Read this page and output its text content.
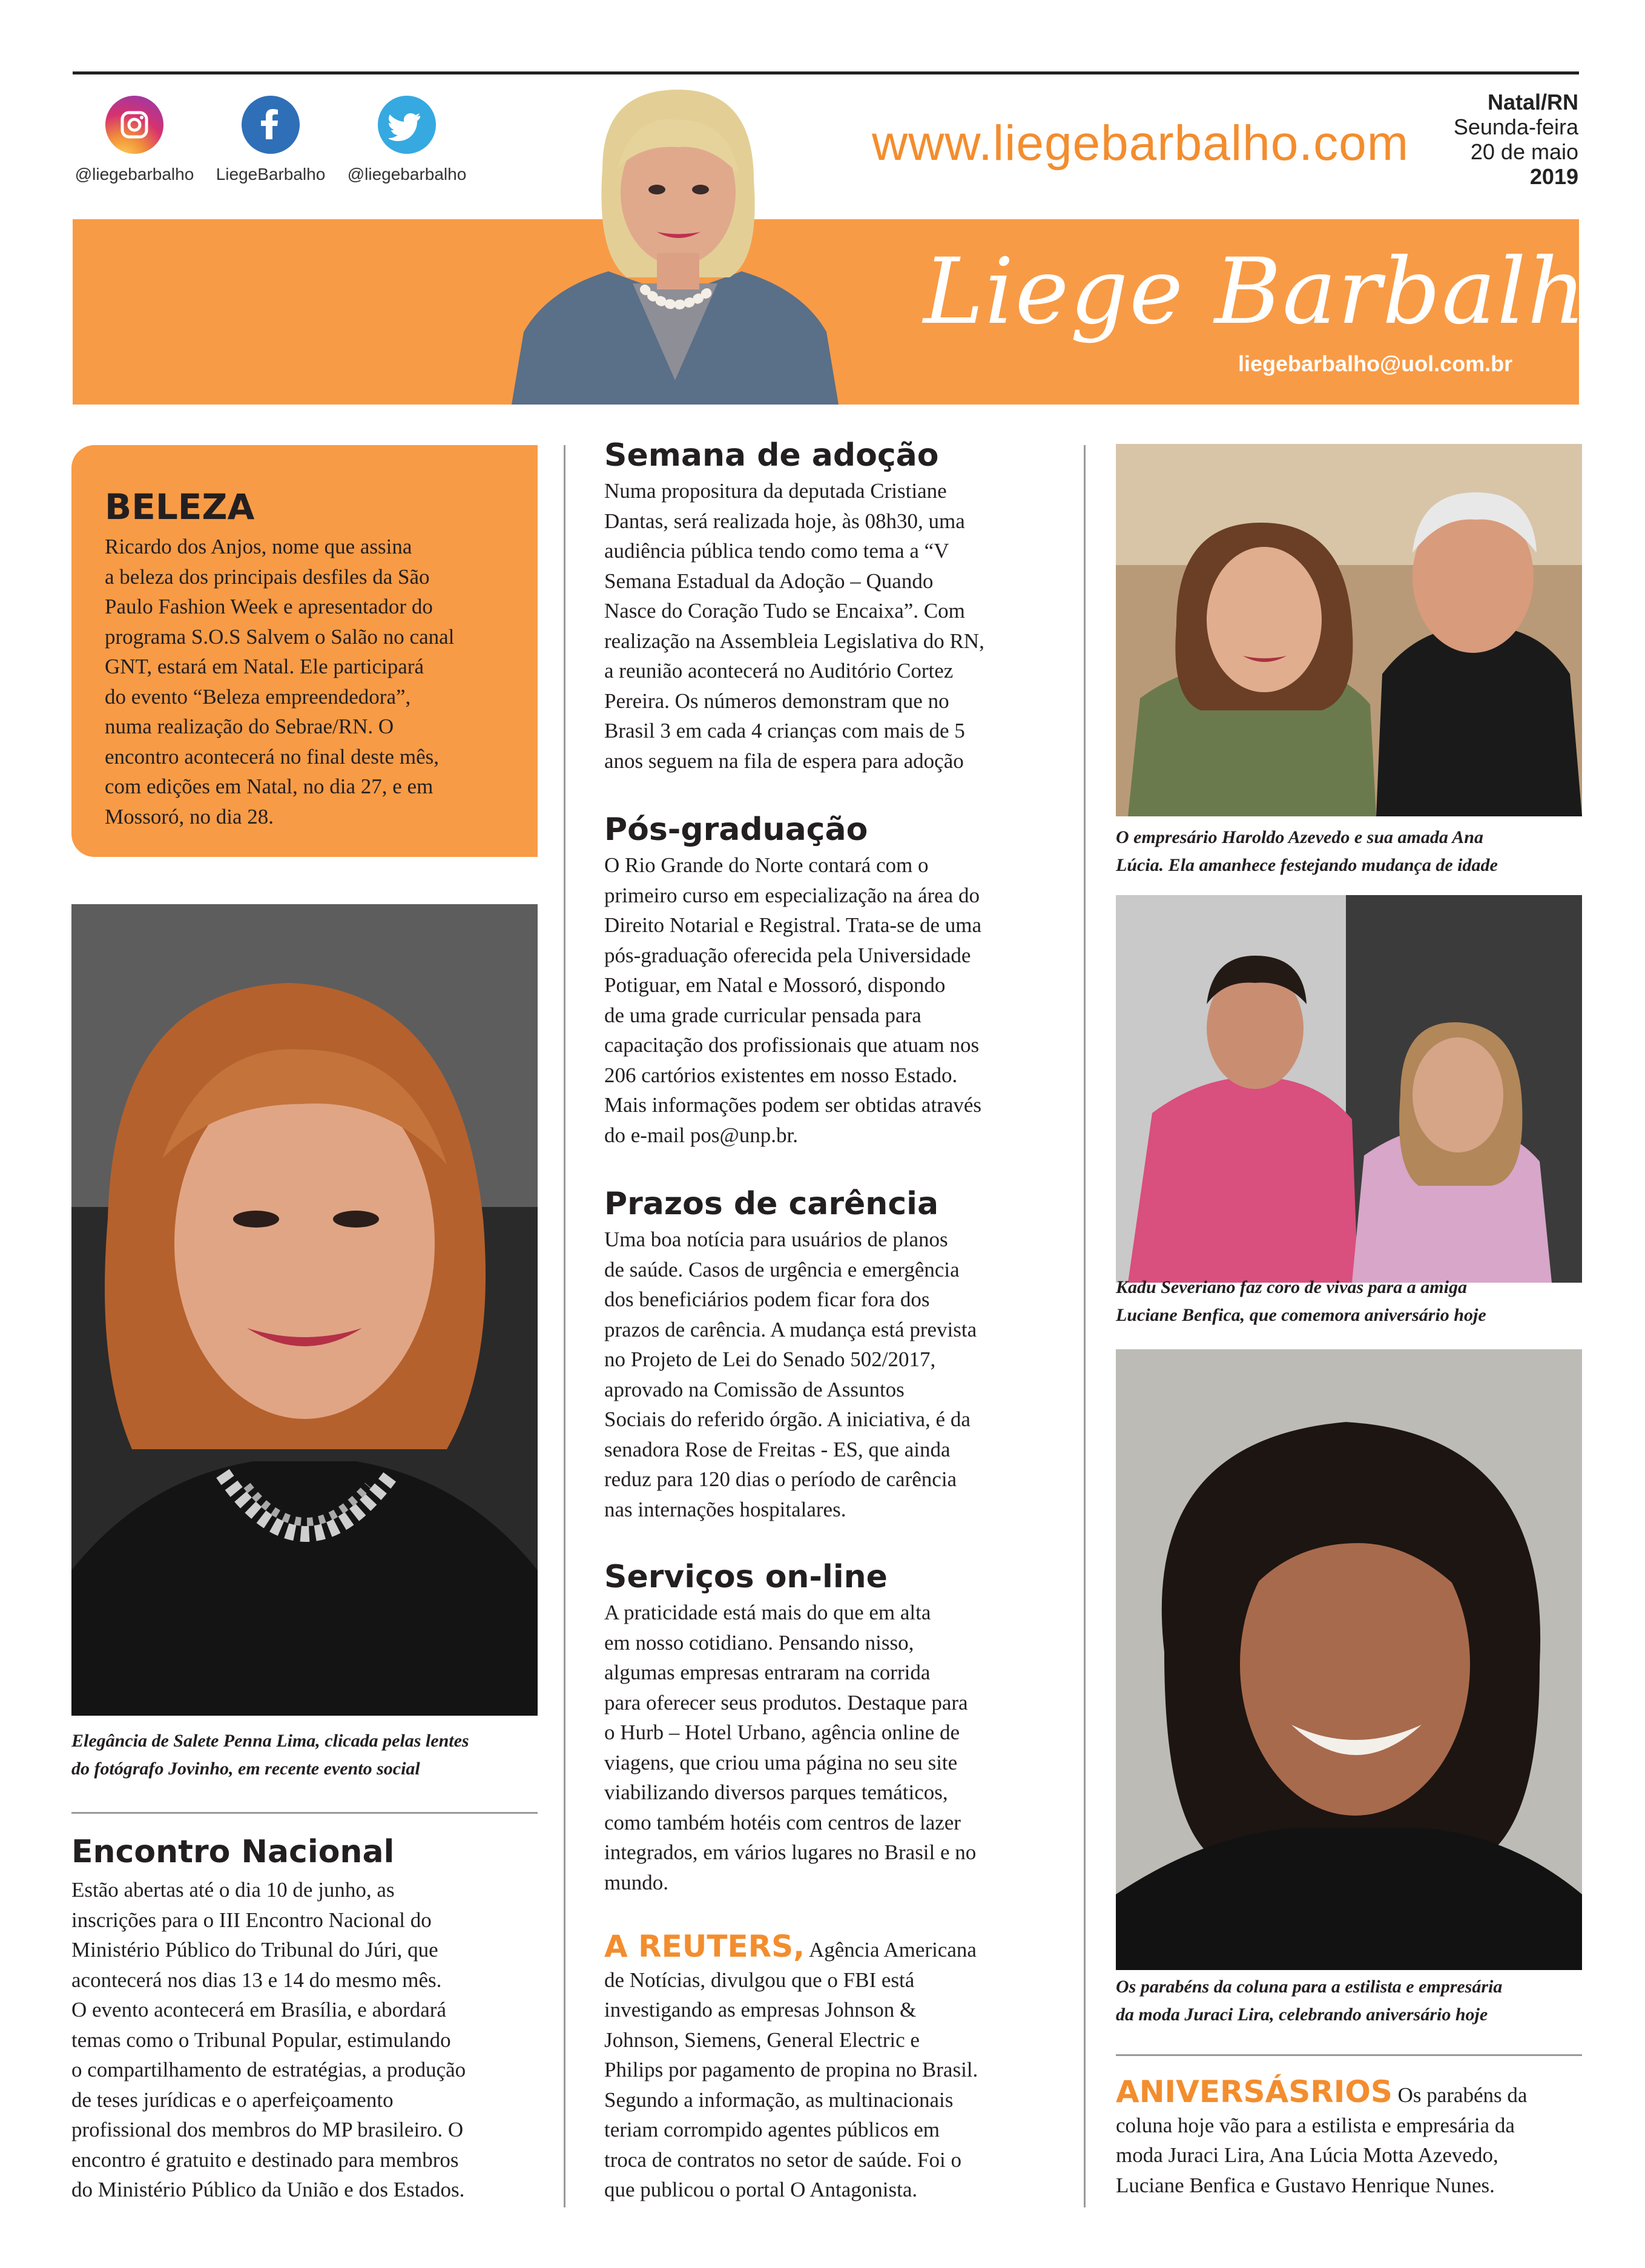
@liegebarbalho	LiegeBarbalho	@liegebarbalho
www.liegebarbalho.com
Natal/RN
Seunda-feira
20 de maio
2019
Liege Barbalho
liegebarbalho@uol.com.br
BELEZA
Ricardo dos Anjos, nome que assina
a beleza dos principais desfiles da São
Paulo Fashion Week e apresentador do
programa S.O.S Salvem o Salão no canal
GNT, estará em Natal. Ele participará
do evento “Beleza empreendedora”,
numa realização do Sebrae/RN. O
encontro acontecerá no final deste mês,
com edições em Natal, no dia 27, e em
Mossoró, no dia 28.
Elegância de Salete Penna Lima, clicada pelas lentes
do fotógrafo Jovinho, em recente evento social
Encontro Nacional
Estão abertas até o dia 10 de junho, as
inscrições para o III Encontro Nacional do
Ministério Público do Tribunal do Júri, que
acontecerá nos dias 13 e 14 do mesmo mês.
O evento acontecerá em Brasília, e abordará
temas como o Tribunal Popular, estimulando
o compartilhamento de estratégias, a produção
de teses jurídicas e o aperfeiçoamento
profissional dos membros do MP brasileiro. O
encontro é gratuito e destinado para membros
do Ministério Público da União e dos Estados.
Semana de adoção
Numa propositura da deputada Cristiane
Dantas, será realizada hoje, às 08h30, uma
audiência pública tendo como tema a “V
Semana Estadual da Adoção – Quando
Nasce do Coração Tudo se Encaixa”. Com
realização na Assembleia Legislativa do RN,
a reunião acontecerá no Auditório Cortez
Pereira. Os números demonstram que no
Brasil 3 em cada 4 crianças com mais de 5
anos seguem na fila de espera para adoção
Pós-graduação
O Rio Grande do Norte contará com o
primeiro curso em especialização na área do
Direito Notarial e Registral. Trata-se de uma
pós-graduação oferecida pela Universidade
Potiguar, em Natal e Mossoró, dispondo
de uma grade curricular pensada para
capacitação dos profissionais que atuam nos
206 cartórios existentes em nosso Estado.
Mais informações podem ser obtidas através
do e-mail pos@unp.br.
Prazos de carência
Uma boa notícia para usuários de planos
de saúde. Casos de urgência e emergência
dos beneficiários podem ficar fora dos
prazos de carência. A mudança está prevista
no Projeto de Lei do Senado 502/2017,
aprovado na Comissão de Assuntos
Sociais do referido órgão. A iniciativa, é da
senadora Rose de Freitas - ES, que ainda
reduz para 120 dias o período de carência
nas internações hospitalares.
Serviços on-line
A praticidade está mais do que em alta
em nosso cotidiano. Pensando nisso,
algumas empresas entraram na corrida
para oferecer seus produtos. Destaque para
o Hurb – Hotel Urbano, agência online de
viagens, que criou uma página no seu site
viabilizando diversos parques temáticos,
como também hotéis com centros de lazer
integrados, em vários lugares no Brasil e no
mundo.
A REUTERS, Agência Americana
de Notícias, divulgou que o FBI está
investigando as empresas Johnson &
Johnson, Siemens, General Electric e
Philips por pagamento de propina no Brasil.
Segundo a informação, as multinacionais
teriam corrompido agentes públicos em
troca de contratos no setor de saúde. Foi o
que publicou o portal O Antagonista.
O empresário Haroldo Azevedo e sua amada Ana
Lúcia. Ela amanhece festejando mudança de idade
Kadu Severiano faz coro de vivas para a amiga
Luciane Benfica, que comemora aniversário hoje
Os parabéns da coluna para a estilista e empresária
da moda Juraci Lira, celebrando aniversário hoje
ANIVERSÁSRIOS Os parabéns da
coluna hoje vão para a estilista e empresária da
moda Juraci Lira, Ana Lúcia Motta Azevedo,
Luciane Benfica e Gustavo Henrique Nunes.
